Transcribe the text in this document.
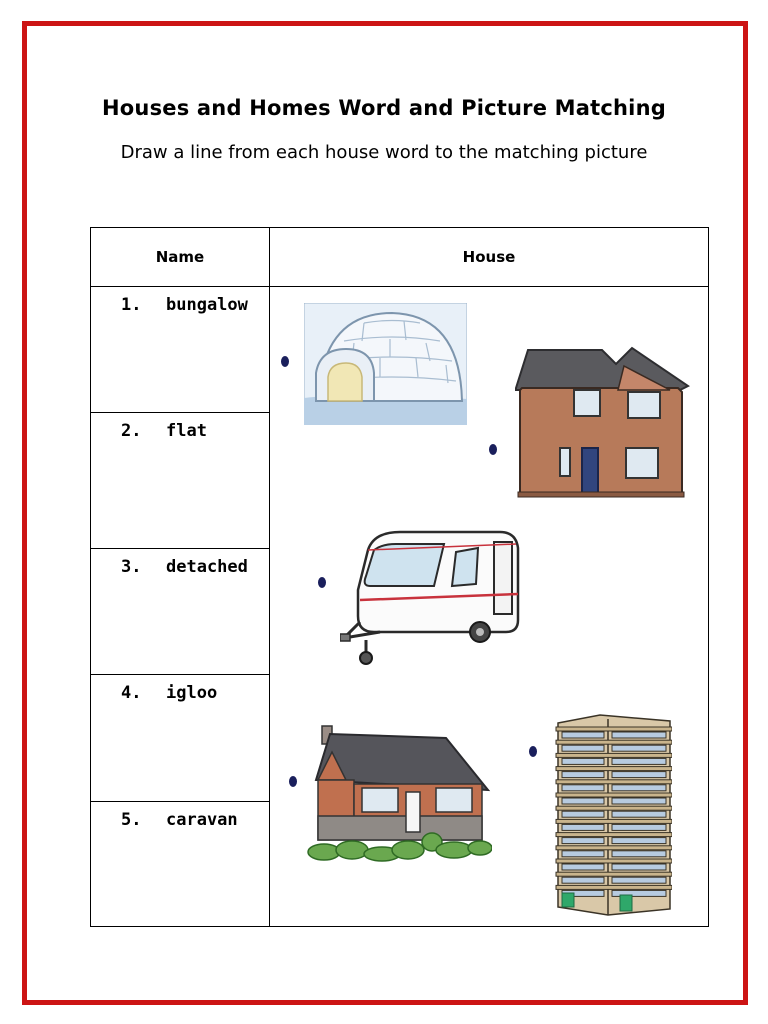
Houses and Homes Word and Picture Matching
Draw a line from each house word to the matching picture
Name	House
1. bungalow
2. flat
3. detached
4. igloo
5. caravan
